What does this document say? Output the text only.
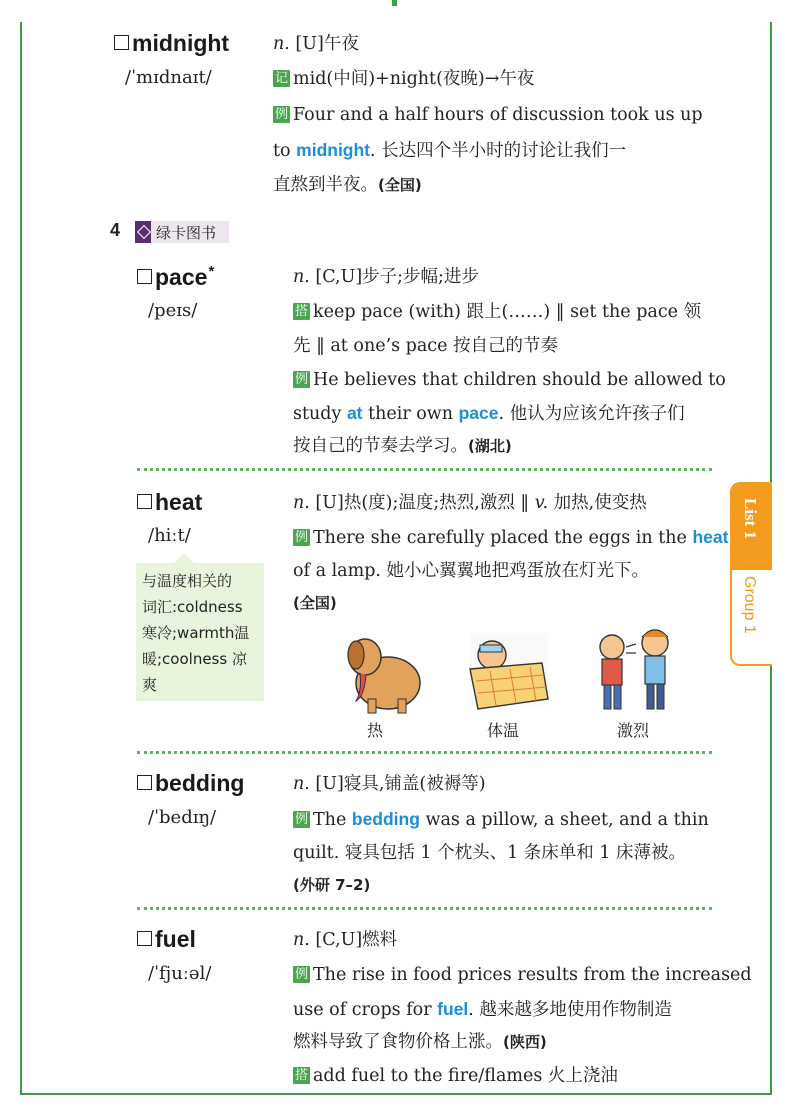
midnight
/ˈmɪdnaɪt/
n. [U]午夜
记 mid(中间)+night(夜晚)→午夜
例 Four and a half hours of discussion took us up
to midnight. 长达四个半小时的讨论让我们一
直熬到半夜。(全国)
4 绿卡图书
pace*
/peɪs/
n. [C,U]步子;步幅;进步
搭 keep pace (with) 跟上(……) ‖ set the pace 领
先 ‖ at one’s pace 按自己的节奏
例 He believes that children should be allowed to
study at their own pace. 他认为应该允许孩子们
按自己的节奏去学习。(湖北)
heat
/hiːt/
n. [U]热(度);温度;热烈,激烈 ‖ v. 加热,使变热
例 There she carefully placed the eggs in the heat
of a lamp. 她小心翼翼地把鸡蛋放在灯光下。
(全国)
与温度相关的
词汇:coldness
寒冷;warmth温
暖;coolness 凉
爽
热	体温	激烈
bedding
/ˈbedɪŋ/
n. [U]寝具,铺盖(被褥等)
例 The bedding was a pillow, a sheet, and a thin
quilt. 寝具包括 1 个枕头、1 条床单和 1 床薄被。
(外研 7–2)
fuel
/ˈfjuːəl/
n. [C,U]燃料
例 The rise in food prices results from the increased
use of crops for fuel. 越来越多地使用作物制造
燃料导致了食物价格上涨。(陕西)
搭 add fuel to the fire/flames 火上浇油
List 1
Group 1
